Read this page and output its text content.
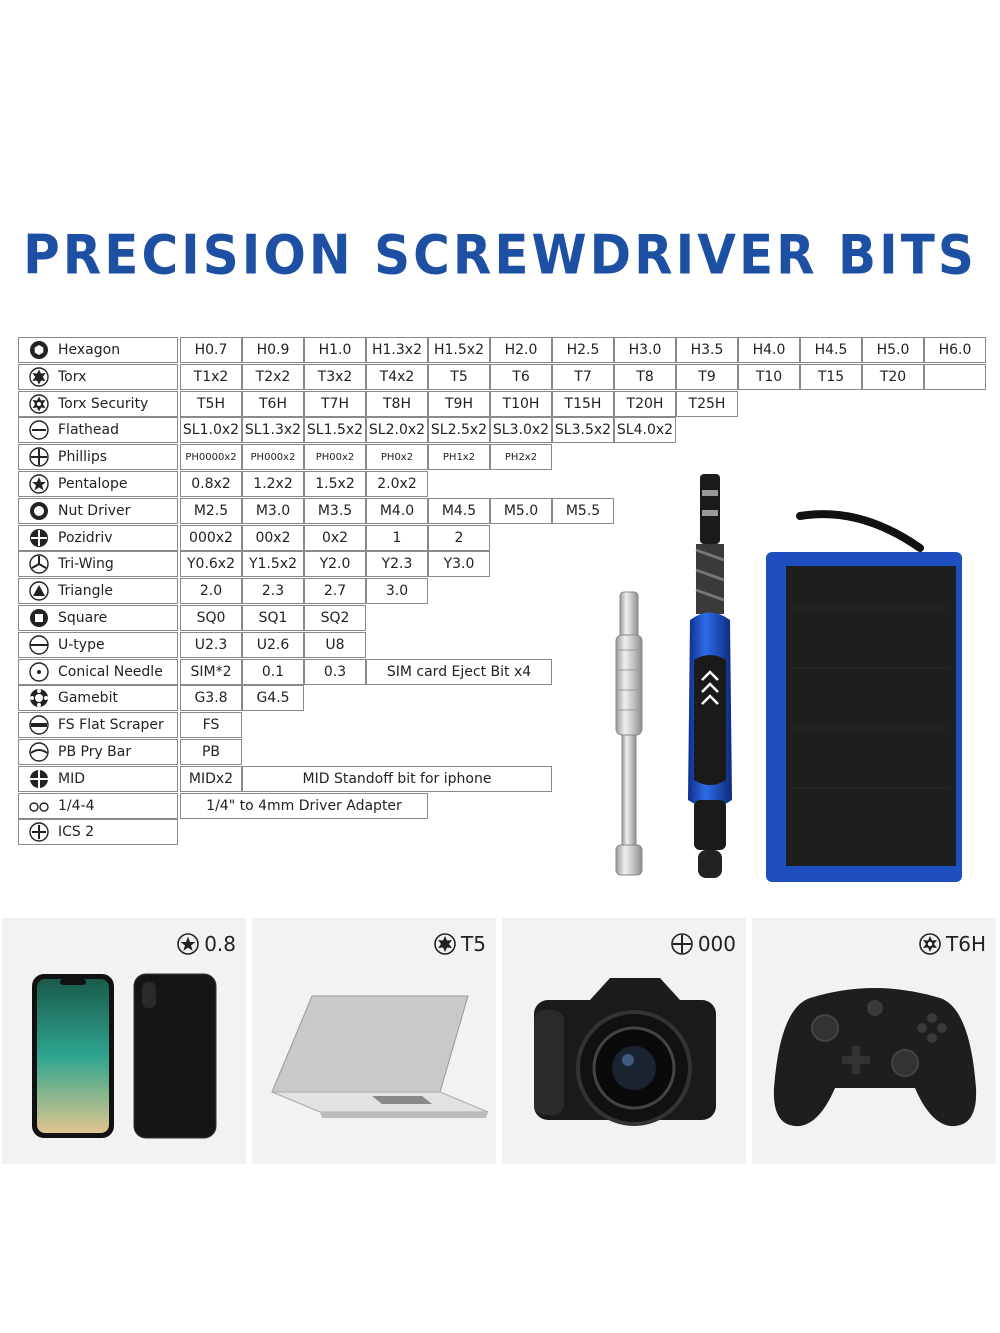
PRECISION SCREWDRIVER BITS
Hexagon	H0.7	H0.9	H1.0	H1.3x2 H1.5x2	H2.0	H2.5	H3.0	H3.5	H4.0	H4.5	H5.0	H6.0
Torx	T1x2	T2x2	T3x2	T4x2	T5	T6	T7	T8	T9	T10	T15	T20
Torx Security	T5H	T6H	T7H	T8H	T9H	T10H	T15H	T20H	T25H
Flathead	SL1.0x2 SL1.3x2 SL1.5x2 SL2.0x2 SL2.5x2 SL3.0x2 SL3.5x2 SL4.0x2
Phillips	PH0000x2	PH000x2	PH00x2	PH0x2	PH1x2	PH2x2
Pentalope	0.8x2	1.2x2	1.5x2	2.0x2
Nut Driver	M2.5	M3.0	M3.5	M4.0	M4.5	M5.0	M5.5
Pozidriv	000x2	00x2	0x2	1	2
Tri-Wing	Y0.6x2 Y1.5x2	Y2.0	Y2.3	Y3.0
Triangle	2.0	2.3	2.7	3.0
Square	SQ0	SQ1	SQ2
U-type	U2.3	U2.6	U8
Conical Needle	SIM*2	0.1	0.3	SIM card Eject Bit x4
Gamebit	G3.8	G4.5
FS Flat Scraper	FS
PB Pry Bar	PB
MID	MIDx2	MID Standoff bit for iphone
1/4-4	1/4" to 4mm Driver Adapter
ICS 2
0.8	T5	000	T6H
